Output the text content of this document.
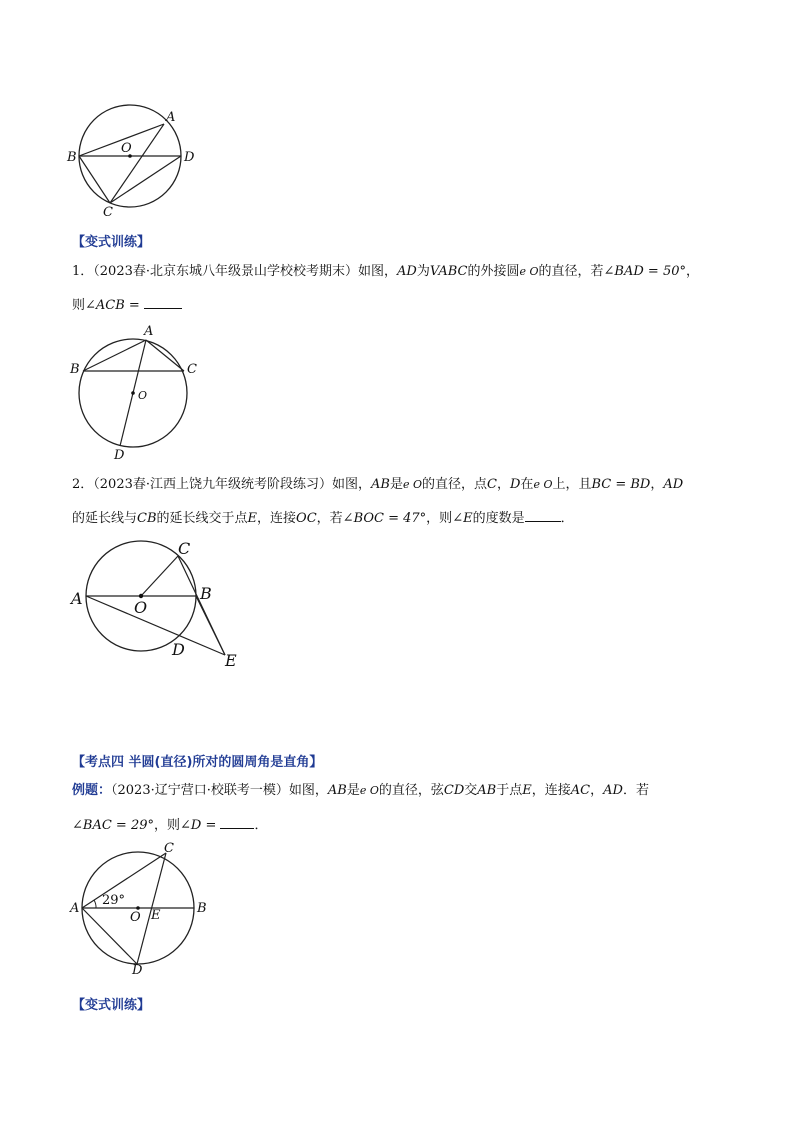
A
B
C
D
O
【变式训练】
1．（2023春·北京东城八年级景山学校校考期末）如图，AD为VABC的外接圆e O的直径，若∠BAD = 50°，
则∠ACB =
A
B	C
D
O
2．（2023春·江西上饶九年级统考阶段练习）如图，AB是e O的直径，点C，D在e O上，且BC = BD，AD
的延长线与CB的延长线交于点E，连接OC，若∠BOC = 47°，则∠E的度数是	．
A	B
C
D
E
O
【考点四 半圆(直径)所对的圆周角是直角】
例题：（2023·辽宁营口·校联考一模）如图，AB是e O的直径，弦CD交AB于点E，连接AC，AD．若
∠BAC = 29°，则∠D =	．
A	B
C
D
E
O
29°
【变式训练】
